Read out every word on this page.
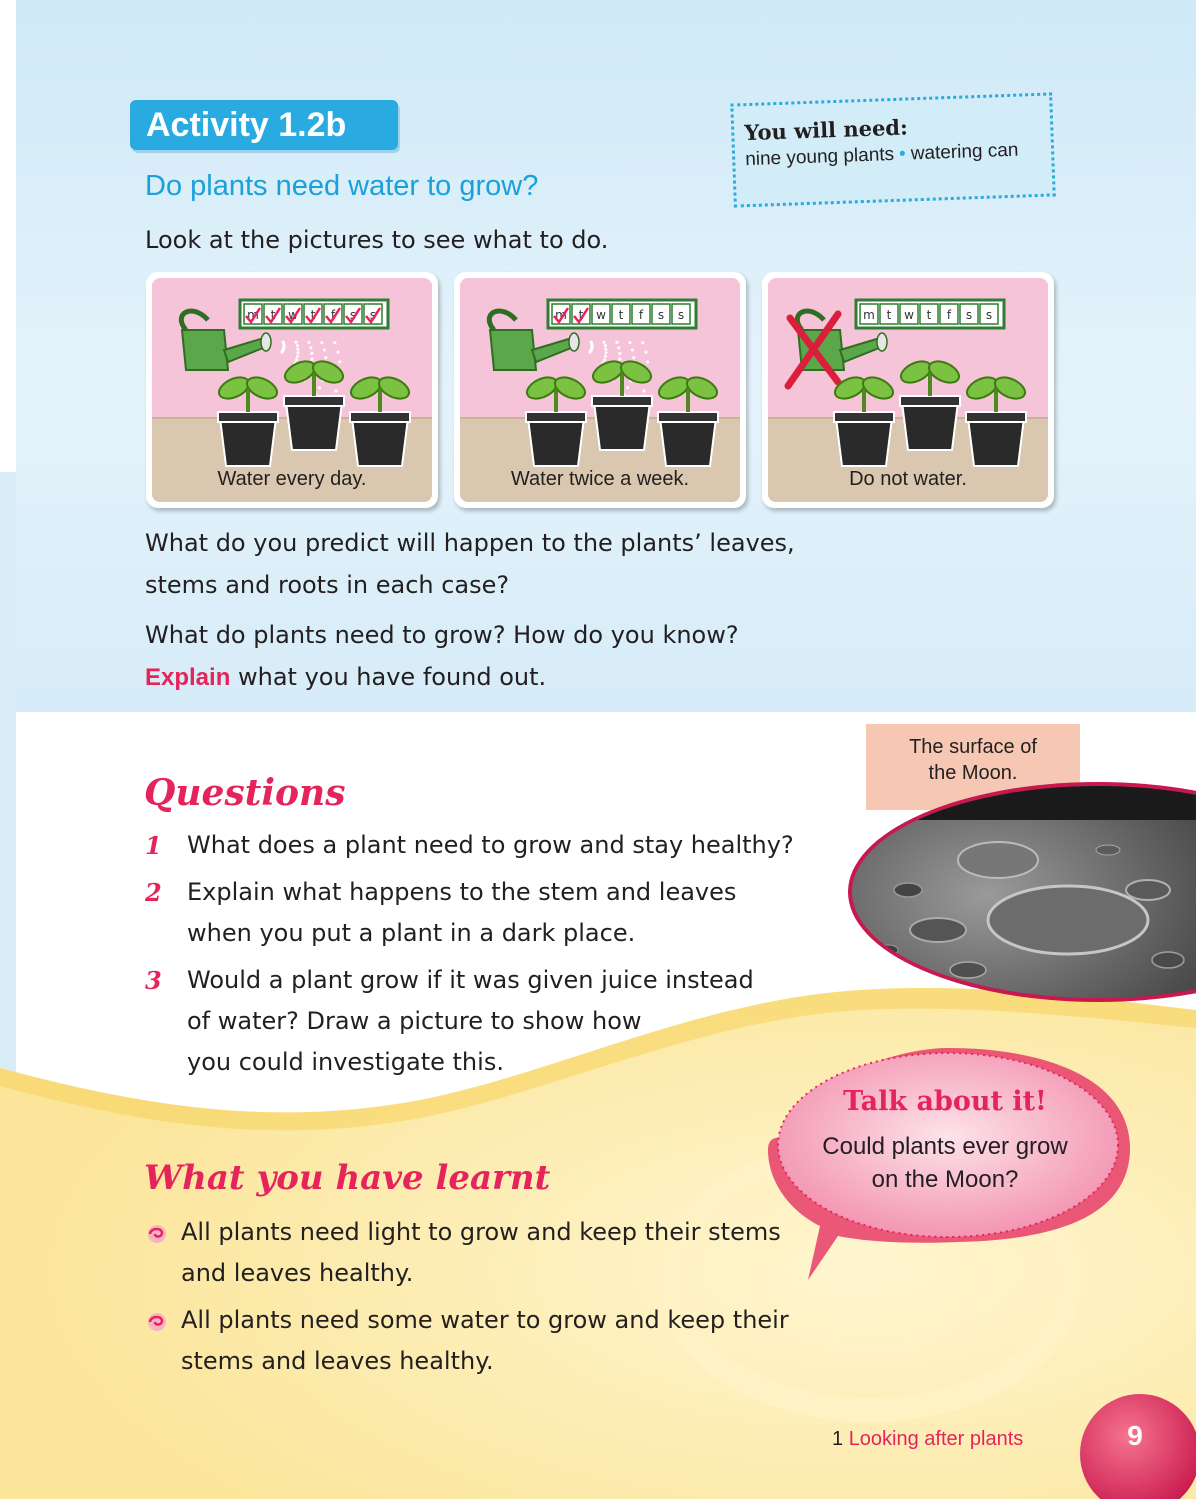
Activity 1.2b
Do plants need water to grow?
Look at the pictures to see what to do.
You will need:
nine young plants • watering can
m t w t f s s
Water every day.
m t w t f s s
Water twice a week.
m t w t f s s
Do not water.
What do you predict will happen to the plants’ leaves,
stems and roots in each case?
What do plants need to grow? How do you know?
Explain what you have found out.
The surface of
the Moon.
Questions
1 What does a plant need to grow and stay healthy?
2 Explain what happens to the stem and leaves
when you put a plant in a dark place.
3 Would a plant grow if it was given juice instead
of water? Draw a picture to show how
you could investigate this.
Talk about it!
Could plants ever grow
on the Moon?
What you have learnt
All plants need light to grow and keep their stems
and leaves healthy.
All plants need some water to grow and keep their
stems and leaves healthy.
1 Looking after plants	9
